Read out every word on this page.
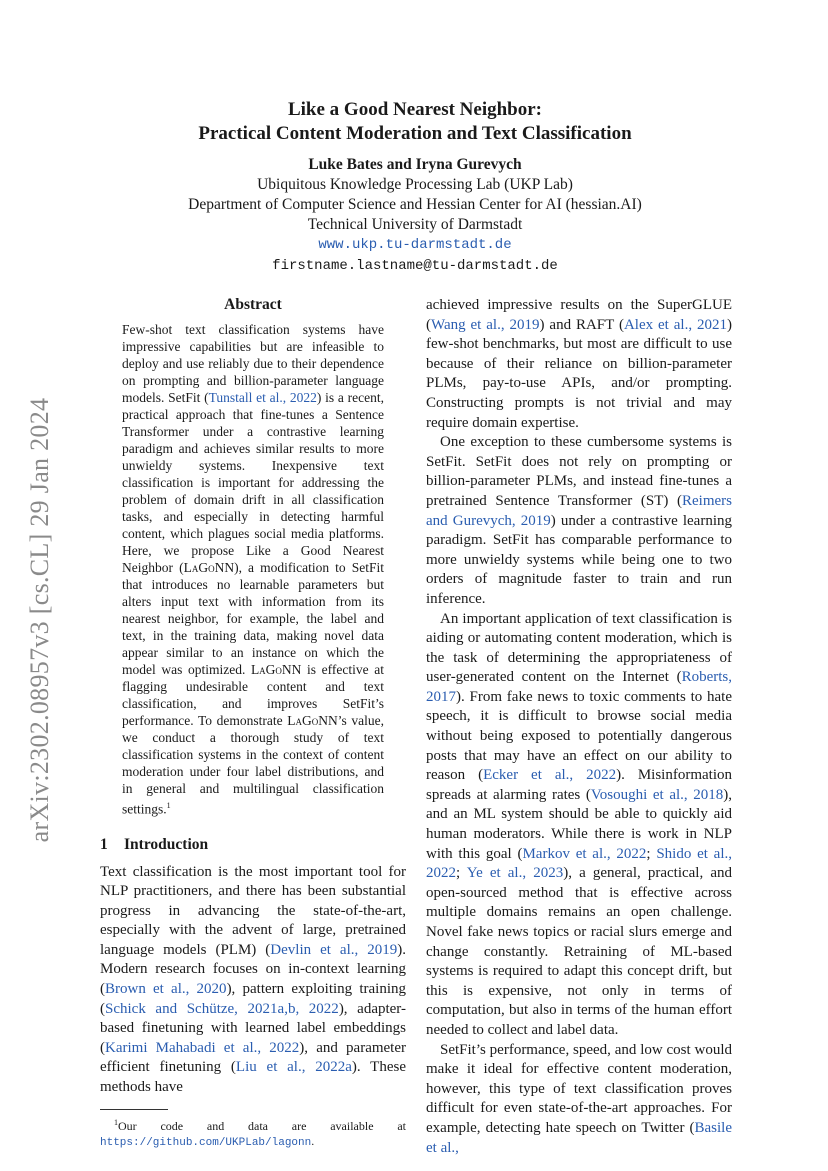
arXiv:2302.08957v3 [cs.CL] 29 Jan 2024
Like a Good Nearest Neighbor:
Practical Content Moderation and Text Classification
Luke Bates and Iryna Gurevych
Ubiquitous Knowledge Processing Lab (UKP Lab)
Department of Computer Science and Hessian Center for AI (hessian.AI)
Technical University of Darmstadt
www.ukp.tu-darmstadt.de
firstname.lastname@tu-darmstadt.de
Abstract
Few-shot text classification systems have impressive capabilities but are infeasible to deploy and use reliably due to their dependence on prompting and billion-parameter language models. SetFit (Tunstall et al., 2022) is a recent, practical approach that fine-tunes a Sentence Transformer under a contrastive learning paradigm and achieves similar results to more unwieldy systems. Inexpensive text classification is important for addressing the problem of domain drift in all classification tasks, and especially in detecting harmful content, which plagues social media platforms. Here, we propose Like a Good Nearest Neighbor (LaGoNN), a modification to SetFit that introduces no learnable parameters but alters input text with information from its nearest neighbor, for example, the label and text, in the training data, making novel data appear similar to an instance on which the model was optimized. LaGoNN is effective at flagging undesirable content and text classification, and improves SetFit’s performance. To demonstrate LaGoNN’s value, we conduct a thorough study of text classification systems in the context of content moderation under four label distributions, and in general and multilingual classification settings.$^1$
1 Introduction

Text classification is the most important tool for NLP practitioners, and there has been substantial progress in advancing the state-of-the-art, especially with the advent of large, pretrained language models (PLM) (Devlin et al., 2019). Modern research focuses on in-context learning (Brown et al., 2020), pattern exploiting training (Schick and Schütze, 2021a,b, 2022), adapter-based finetuning with learned label embeddings (Karimi Mahabadi et al., 2022), and parameter efficient finetuning (Liu et al., 2022a). These methods have

$^1$Our code and data are available at https://github.com/UKPLab/lagonn.

achieved impressive results on the SuperGLUE (Wang et al., 2019) and RAFT (Alex et al., 2021) few-shot benchmarks, but most are difficult to use because of their reliance on billion-parameter PLMs, pay-to-use APIs, and/or prompting. Constructing prompts is not trivial and may require domain expertise.

One exception to these cumbersome systems is SetFit. SetFit does not rely on prompting or billion-parameter PLMs, and instead fine-tunes a pretrained Sentence Transformer (ST) (Reimers and Gurevych, 2019) under a contrastive learning paradigm. SetFit has comparable performance to more unwieldy systems while being one to two orders of magnitude faster to train and run inference.

An important application of text classification is aiding or automating content moderation, which is the task of determining the appropriateness of user-generated content on the Internet (Roberts, 2017). From fake news to toxic comments to hate speech, it is difficult to browse social media without being exposed to potentially dangerous posts that may have an effect on our ability to reason (Ecker et al., 2022). Misinformation spreads at alarming rates (Vosoughi et al., 2018), and an ML system should be able to quickly aid human moderators. While there is work in NLP with this goal (Markov et al., 2022; Shido et al., 2022; Ye et al., 2023), a general, practical, and open-sourced method that is effective across multiple domains remains an open challenge. Novel fake news topics or racial slurs emerge and change constantly. Retraining of ML-based systems is required to adapt this concept drift, but this is expensive, not only in terms of computation, but also in terms of the human effort needed to collect and label data.

SetFit’s performance, speed, and low cost would make it ideal for effective content moderation, however, this type of text classification proves difficult for even state-of-the-art approaches. For example, detecting hate speech on Twitter (Basile et al.,
